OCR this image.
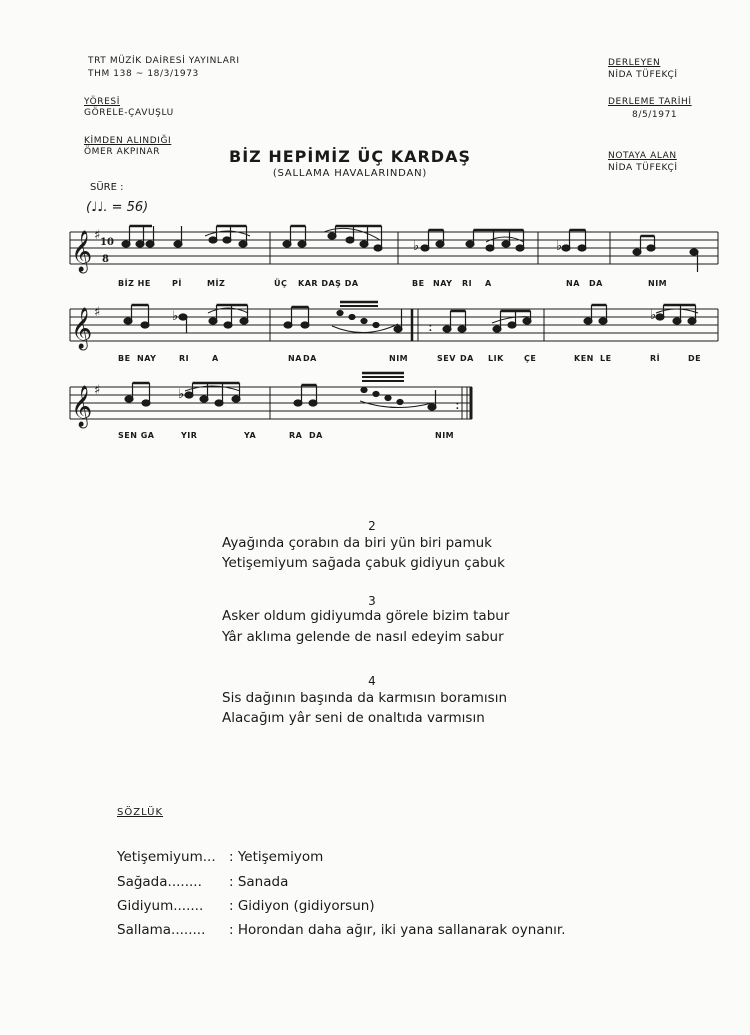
TRT MÜZİK DAİRESİ YAYINLARI
THM 138 ~ 18/3/1973
YÖRESİ
GÖRELE-ÇAVUŞLU
KİMDEN ALINDIĞI
ÖMER AKPINAR
DERLEYEN
NİDA TÜFEKÇİ
DERLEME TARİHİ
8/5/1971
NOTAYA ALAN
NİDA TÜFEKÇİ
BİZ HEPİMİZ ÜÇ KARDAŞ
(SALLAMA HAVALARINDAN)
SÜRE :
(♩♩. = 56)
𝄞
𝄞
𝄞
♯
♯
♯
10
8
:
:
♭	♭
♭	♭
♭
BİZ HE	Pİ	MİZ	ÜÇ KAR DAŞ DA	BE NAY RI A	NA DA	NIM
BE NAY	RI	A	NA DA	NIM	SEV DA LIK	ÇE	KEN LE	Rİ	DE
SEN GA	YIR	YA	RA DA	NIM
2
Ayağında çorabın da biri yün biri pamuk
Yetişemiyum sağada çabuk gidiyun çabuk
3
Asker oldum gidiyumda görele bizim tabur
Yâr aklıma gelende de nasıl edeyim sabur
4
Sis dağının başında da karmısın boramısın
Alacağım yâr seni de onaltıda varmısın
SÖZLÜK
Yetişemiyum... : Yetişemiyom
Sağada........ : Sanada
Gidiyum....... : Gidiyon (gidiyorsun)
Sallama........ : Horondan daha ağır, iki yana sallanarak oynanır.
